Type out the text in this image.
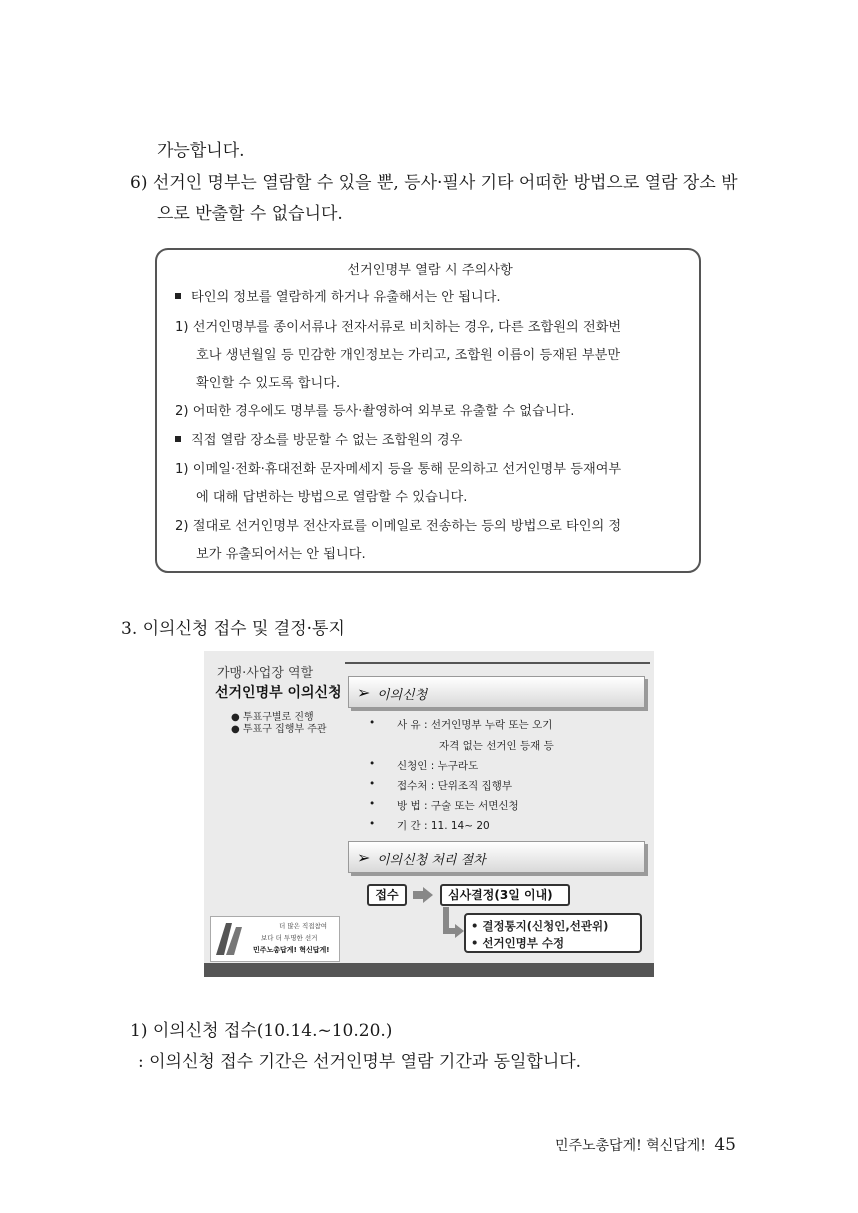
가능합니다.
6) 선거인 명부는 열람할 수 있을 뿐, 등사·필사 기타 어떠한 방법으로 열람 장소 밖
으로 반출할 수 없습니다.
선거인명부 열람 시 주의사항
타인의 정보를 열람하게 하거나 유출해서는 안 됩니다.
1) 선거인명부를 종이서류나 전자서류로 비치하는 경우, 다른 조합원의 전화번
호나 생년월일 등 민감한 개인정보는 가리고, 조합원 이름이 등재된 부분만
확인할 수 있도록 합니다.
2) 어떠한 경우에도 명부를 등사·촬영하여 외부로 유출할 수 없습니다.
직접 열람 장소를 방문할 수 없는 조합원의 경우
1) 이메일·전화·휴대전화 문자메세지 등을 통해 문의하고 선거인명부 등재여부
에 대해 답변하는 방법으로 열람할 수 있습니다.
2) 절대로 선거인명부 전산자료를 이메일로 전송하는 등의 방법으로 타인의 정
보가 유출되어서는 안 됩니다.
3. 이의신청 접수 및 결정·통지
가맹·사업장 역할
선거인명부 이의신청
● 투표구별로 진행
● 투표구 집행부 주관
➢ 이의신청
• 사 유 : 선거인명부 누락 또는 오기
자격 없는 선거인 등재 등
• 신청인 : 누구라도
• 접수처 : 단위조직 집행부
• 방 법 : 구술 또는 서면신청
• 기 간 : 11. 14~ 20
➢ 이의신청 처리 절차
접수	심사결정(3일 이내)
• 결정통지(신청인,선관위)
• 선거인명부 수정
더 많은 직접참여
보다 더 투명한 선거
민주노총답게! 혁신답게!
1) 이의신청 접수(10.14.~10.20.)
: 이의신청 접수 기간은 선거인명부 열람 기간과 동일합니다.
민주노총답게! 혁신답게! 45
